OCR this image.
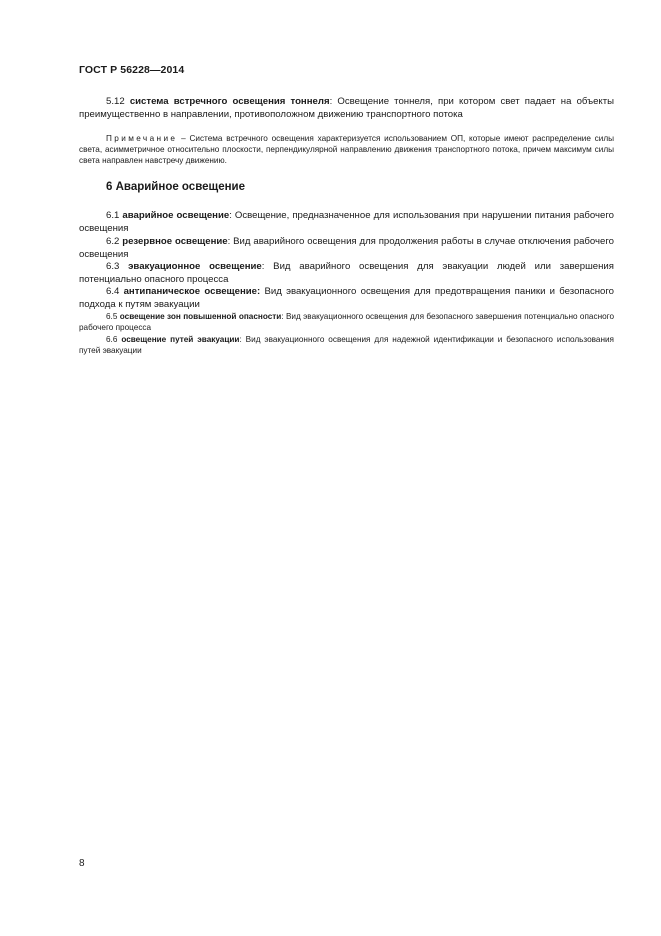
ГОСТ Р 56228—2014
5.12 система встречного освещения тоннеля: Освещение тоннеля, при котором свет падает на объекты преимущественно в направлении, противоположном движению транспортного потока
Примечание – Система встречного освещения характеризуется использованием ОП, которые имеют распределение силы света, асимметричное относительно плоскости, перпендикулярной направлению движения транспортного потока, причем максимум силы света направлен навстречу движению.
6 Аварийное освещение
6.1 аварийное освещение: Освещение, предназначенное для использования при нарушении питания рабочего освещения
6.2 резервное освещение: Вид аварийного освещения для продолжения работы в случае отключения рабочего освещения
6.3 эвакуационное освещение: Вид аварийного освещения для эвакуации людей или завершения потенциально опасного процесса
6.4 антипаническое освещение: Вид эвакуационного освещения для предотвращения паники и безопасного подхода к путям эвакуации
6.5 освещение зон повышенной опасности: Вид эвакуационного освещения для безопасного завершения потенциально опасного рабочего процесса
6.6 освещение путей эвакуации: Вид эвакуационного освещения для надежной идентификации и безопасного использования путей эвакуации
8
